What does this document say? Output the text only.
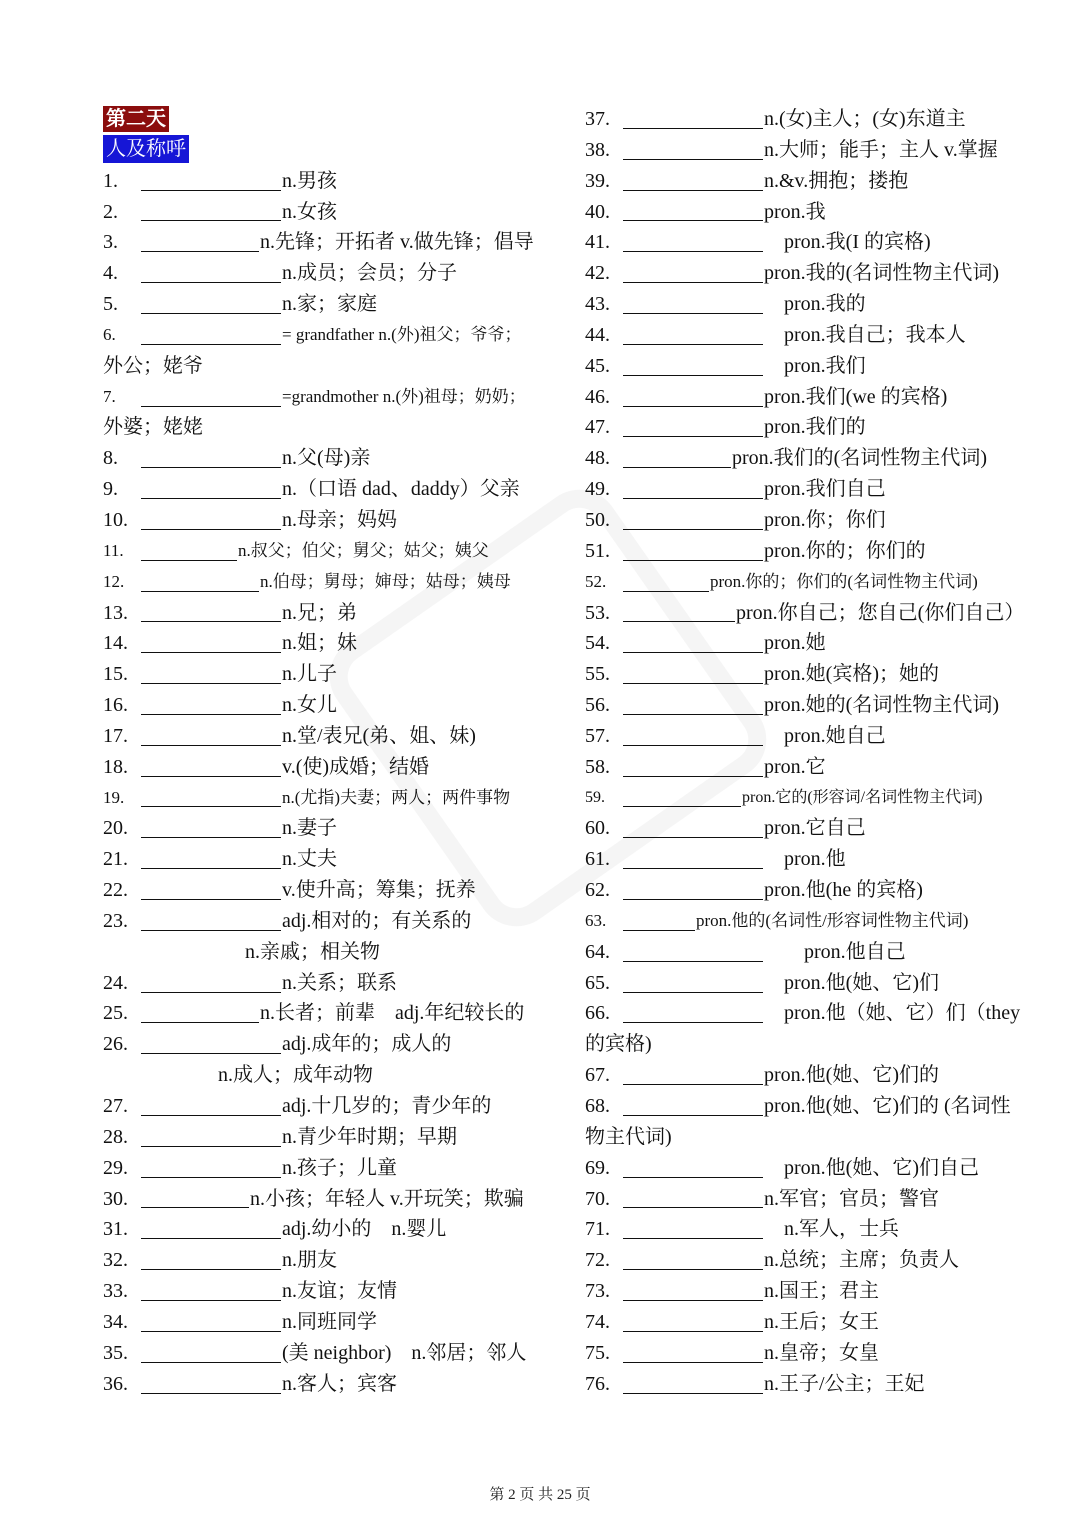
第二天
人及称呼
1.	n.男孩
2.	n.女孩
3.	n.先锋；开拓者 v.做先锋；倡导
4.	n.成员；会员；分子
5.	n.家；家庭
6.	= grandfather n.(外)祖父；爷爷；
外公；姥爷
7.	=grandmother n.(外)祖母；奶奶；
外婆；姥姥
8.	n.父(母)亲
9.	n.（口语 dad、daddy）父亲
10.	n.母亲；妈妈
11.	n.叔父；伯父；舅父；姑父；姨父
12.	n.伯母；舅母；婶母；姑母；姨母
13.	n.兄；弟
14.	n.姐；妹
15.	n.儿子
16.	n.女儿
17.	n.堂/表兄(弟、姐、妹)
18.	v.(使)成婚；结婚
19.	n.(尤指)夫妻；两人；两件事物
20.	n.妻子
21.	n.丈夫
22.	v.使升高；筹集；抚养
23.	adj.相对的；有关系的
n.亲戚；相关物
24.	n.关系；联系
25.	n.长者；前辈　adj.年纪较长的
26.	adj.成年的；成人的
n.成人；成年动物
27.	adj.十几岁的；青少年的
28.	n.青少年时期；早期
29.	n.孩子；儿童
30.	n.小孩；年轻人 v.开玩笑；欺骗
31.	adj.幼小的　n.婴儿
32.	n.朋友
33.	n.友谊；友情
34.	n.同班同学
35.	(美 neighbor)　n.邻居；邻人
36.	n.客人；宾客
37.	n.(女)主人；(女)东道主
38.	n.大师；能手；主人 v.掌握
39.	n.&v.拥抱；搂抱
40.	pron.我
41.	　pron.我(I 的宾格)
42.	pron.我的(名词性物主代词)
43.	　pron.我的
44.	　pron.我自己；我本人
45.	　pron.我们
46.	pron.我们(we 的宾格)
47.	pron.我们的
48.	pron.我们的(名词性物主代词)
49.	pron.我们自己
50.	pron.你；你们
51.	pron.你的；你们的
52.	pron.你的；你们的(名词性物主代词)
53.	pron.你自己；您自己(你们自己）
54.	pron.她
55.	pron.她(宾格)；她的
56.	pron.她的(名词性物主代词)
57.	　pron.她自己
58.	pron.它
59.	pron.它的(形容词/名词性物主代词)
60.	pron.它自己
61.	　pron.他
62.	pron.他(he 的宾格)
63.	pron.他的(名词性/形容词性物主代词)
64.	　　pron.他自己
65.	　pron.他(她、它)们
66.	　pron.他（她、它）们（they
的宾格)
67.	pron.他(她、它)们的
68.	pron.他(她、它)们的 (名词性
物主代词)
69.	　pron.他(她、它)们自己
70.	n.军官；官员；警官
71.	　n.军人，士兵
72.	n.总统；主席；负责人
73.	n.国王；君主
74.	n.王后；女王
75.	n.皇帝；女皇
76.	n.王子/公主；王妃
第 2 页 共 25 页
